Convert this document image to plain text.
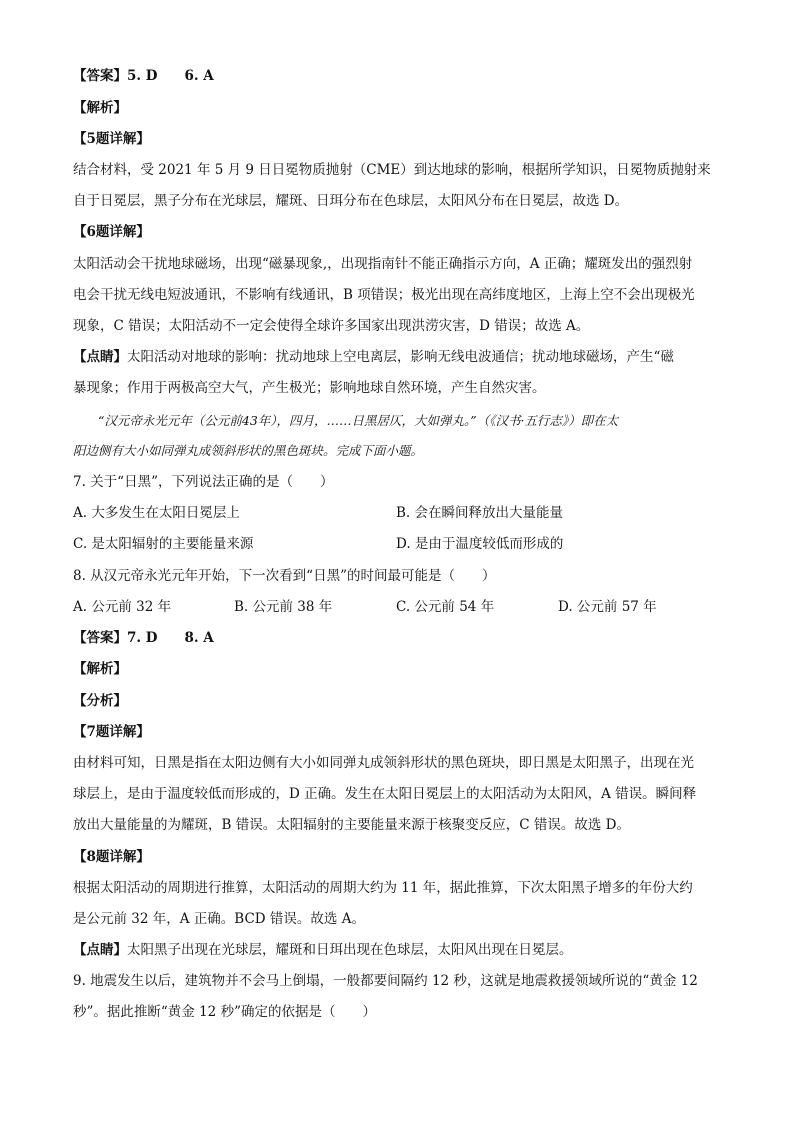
【答案】5. D　　6. A
【解析】
【5题详解】
结合材料，受 2021 年 5 月 9 日日冕物质抛射（CME）到达地球的影响，根据所学知识，日冕物质抛射来
自于日冕层，黑子分布在光球层，耀斑、日珥分布在色球层，太阳风分布在日冕层，故选 D。
【6题详解】
太阳活动会干扰地球磁场，出现“磁暴现象,，出现指南针不能正确指示方向，A 正确；耀斑发出的强烈射
电会干扰无线电短波通讯，不影响有线通讯，B 项错误；极光出现在高纬度地区，上海上空不会出现极光
现象，C 错误；太阳活动不一定会使得全球许多国家出现洪涝灾害，D 错误；故选 A。
【点睛】太阳活动对地球的影响：扰动地球上空电离层，影响无线电波通信；扰动地球磁场，产生“磁
暴现象；作用于两极高空大气，产生极光；影响地球自然环境，产生自然灾害。
　　“汉元帝永光元年（公元前43年），四月，……日黑居仄，大如弹丸。”（《汉书·五行志》）即在太
阳边侧有大小如同弹丸成领斜形状的黑色斑块。完成下面小题。
7. 关于“日黑”，下列说法正确的是（　　）
A. 大多发生在太阳日冕层上	B. 会在瞬间释放出大量能量
C. 是太阳辐射的主要能量来源	D. 是由于温度较低而形成的
8. 从汉元帝永光元年开始，下一次看到“日黑”的时间最可能是（　　）
A. 公元前 32 年	B. 公元前 38 年	C. 公元前 54 年	D. 公元前 57 年
【答案】7. D　　8. A
【解析】
【分析】
【7题详解】
由材料可知，日黑是指在太阳边侧有大小如同弹丸成领斜形状的黑色斑块，即日黑是太阳黑子，出现在光
球层上，是由于温度较低而形成的，D 正确。发生在太阳日冕层上的太阳活动为太阳风，A 错误。瞬间释
放出大量能量的为耀斑，B 错误。太阳辐射的主要能量来源于核聚变反应，C 错误。故选 D。
【8题详解】
根据太阳活动的周期进行推算，太阳活动的周期大约为 11 年，据此推算，下次太阳黑子增多的年份大约
是公元前 32 年，A 正确。BCD 错误。故选 A。
【点睛】太阳黑子出现在光球层，耀斑和日珥出现在色球层，太阳风出现在日冕层。
9. 地震发生以后，建筑物并不会马上倒塌，一般都要间隔约 12 秒，这就是地震救援领域所说的“黄金 12
秒”。据此推断“黄金 12 秒”确定的依据是（　　）
